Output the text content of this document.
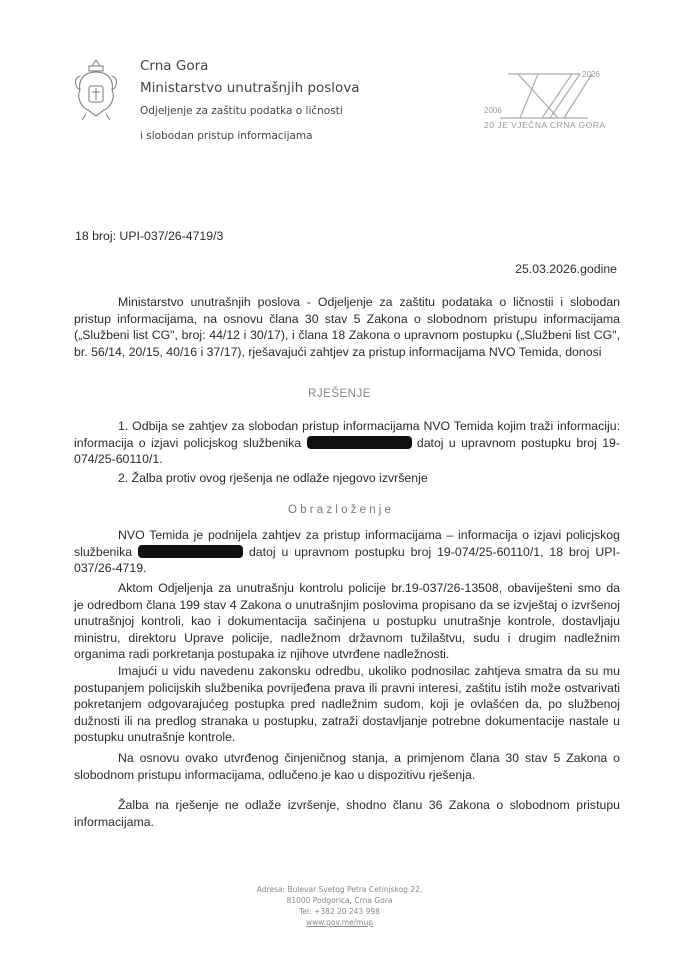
Crna Gora
Ministarstvo unutrašnjih poslova
Odjeljenje za zaštitu podatka o ličnosti
i slobodan pristup informacijama
2026
2006
20 JE VJEČNA CRNA GORA
18 broj: UPI-037/26-4719/3
25.03.2026.godine
Ministarstvo unutrašnjih poslova - Odjeljenje za zaštitu podataka o ličnostii i slobodan
pristup informacijama, na osnovu člana 30 stav 5 Zakona o slobodnom pristupu informacijama
(„Službeni list CG", broj: 44/12 i 30/17), i člana 18 Zakona o upravnom postupku („Službeni list CG",
br. 56/14, 20/15, 40/16 i 37/17), rješavajući zahtjev za pristup informacijama NVO Temida, donosi
RJEŠENJE
1. Odbija se zahtjev za slobodan pristup informacijama NVO Temida kojim traži informaciju:
informacija o izjavi policjskog službenika	datoj u upravnom postupku broj 19-
074/25-60110/1.
2. Žalba protiv ovog rješenja ne odlaže njegovo izvršenje
O b r a z l o ž e n j e
NVO Temida je podnijela zahtjev za pristup informacijama – informacija o izjavi policjskog
službenika	datoj u upravnom postupku broj 19-074/25-60110/1, 18 broj UPI-
037/26-4719.
Aktom Odjeljenja za unutrašnju kontrolu policije br.19-037/26-13508, obaviješteni smo da
je odredbom člana 199 stav 4 Zakona o unutrašnjim poslovima propisano da se izvještaj o izvršenoj
unutrašnjoj kontroli, kao i dokumentacija sačinjena u postupku unutrašnje kontrole, dostavljaju
ministru, direktoru Uprave policije, nadležnom državnom tužilaštvu, sudu i drugim nadležnim
organima radi porkretanja postupaka iz njihove utvrđene nadležnosti.
Imajući u vidu navedenu zakonsku odredbu, ukoliko podnosilac zahtjeva smatra da su mu
postupanjem policijskih službenika povrijeđena prava ili pravni interesi, zaštitu istih može ostvarivati
pokretanjem odgovarajućeg postupka pred nadležnim sudom, koji je ovlašćen da, po službenoj
dužnosti ili na predlog stranaka u postupku, zatraži dostavljanje potrebne dokumentacije nastale u
postupku unutrašnje kontrole.
Na osnovu ovako utvrđenog činjeničnog stanja, a primjenom člana 30 stav 5 Zakona o
slobodnom pristupu informacijama, odlučeno je kao u dispozitivu rješenja.
Žalba na rješenje ne odlaže izvršenje, shodno članu 36 Zakona o slobodnom pristupu
informacijama.
Adresa: Bulevar Svetog Petra Cetinjskog 22,
81000 Podgorica, Crna Gora
Tel: +382 20 243 998
www.gov.me/mup
